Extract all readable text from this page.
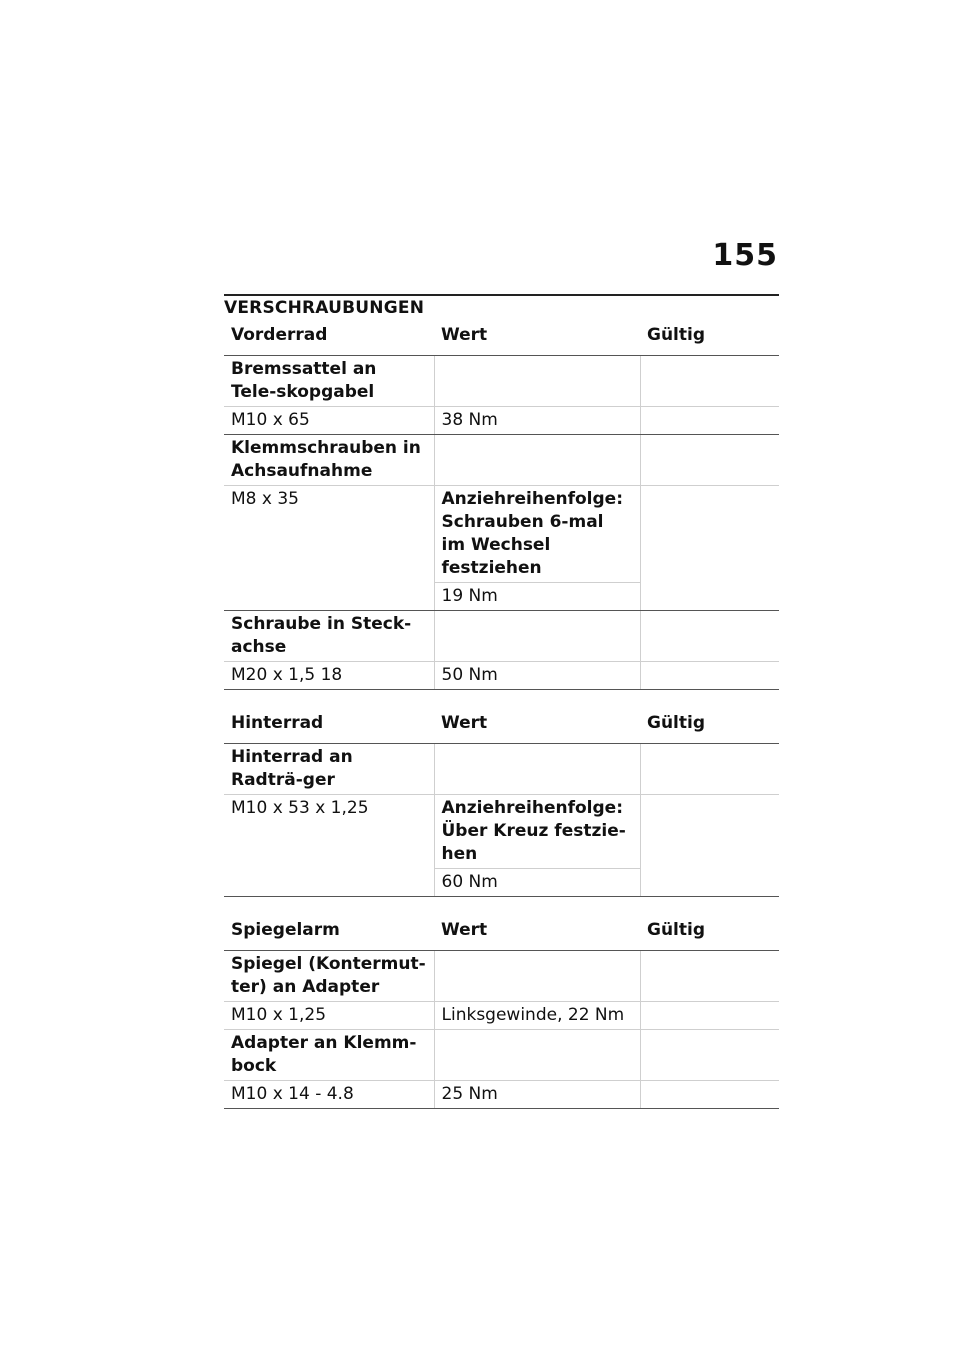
155
VERSCHRAUBUNGEN
Vorderrad	Wert	Gültig
Bremssattel an Tele-skopgabel		
M10 x 65	38 Nm	
Klemmschrauben in Achsaufnahme		
M8 x 35	Anziehreihenfolge: Schrauben 6-mal im Wechsel festziehen	
	19 Nm	
Schraube in Steck-achse		
M20 x 1,5 18	50 Nm	
Hinterrad	Wert	Gültig
Hinterrad an Radträ-ger		
M10 x 53 x 1,25	Anziehreihenfolge: Über Kreuz festzie-hen	
	60 Nm	
Spiegelarm	Wert	Gültig
Spiegel (Kontermut-ter) an Adapter		
M10 x 1,25	Linksgewinde, 22 Nm	
Adapter an Klemm-bock		
M10 x 14 - 4.8	25 Nm	
